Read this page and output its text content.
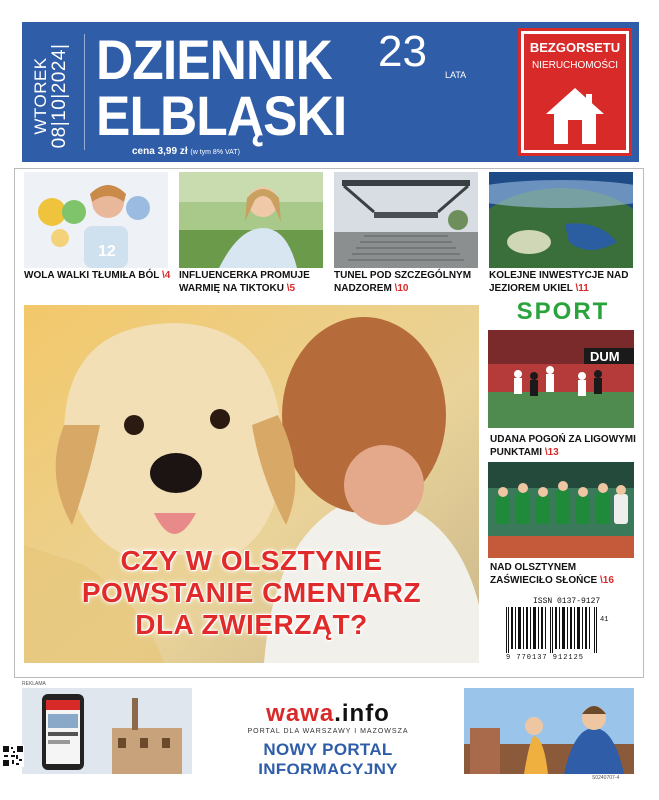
WTOREK
08|10|2024| DZIENNIK
ELBLĄSKI
23 LATA
cena 3,99 zł (w tym 8% VAT)
BEZGORSETU
NIERUCHOMOŚCI
12
WOLA WALKI TŁUMIŁA BÓL \4 INFLUENCERKA PROMUJE WARMIĘ NA TIKTOKU \5
TUNEL POD SZCZEGÓLNYM NADZOREM \10
KOLEJNE INWESTYCJE NAD JEZIOREM UKIEL \11
CZY W OLSZTYNIE
POWSTANIE CMENTARZ
DLA ZWIERZĄT?
SPORT
DUM
UDANA POGOŃ ZA LIGOWYMI PUNKTAMI \13
NAD OLSZTYNEM ZAŚWIECIŁO SŁOŃCE \16
ISSN 0137-9127
9 770137 912125
41
REKLAMA
wawa.info
PORTAL DLA WARSZAWY I MAZOWSZA
NOWY PORTAL INFORMACYJNY	S0240707-4
